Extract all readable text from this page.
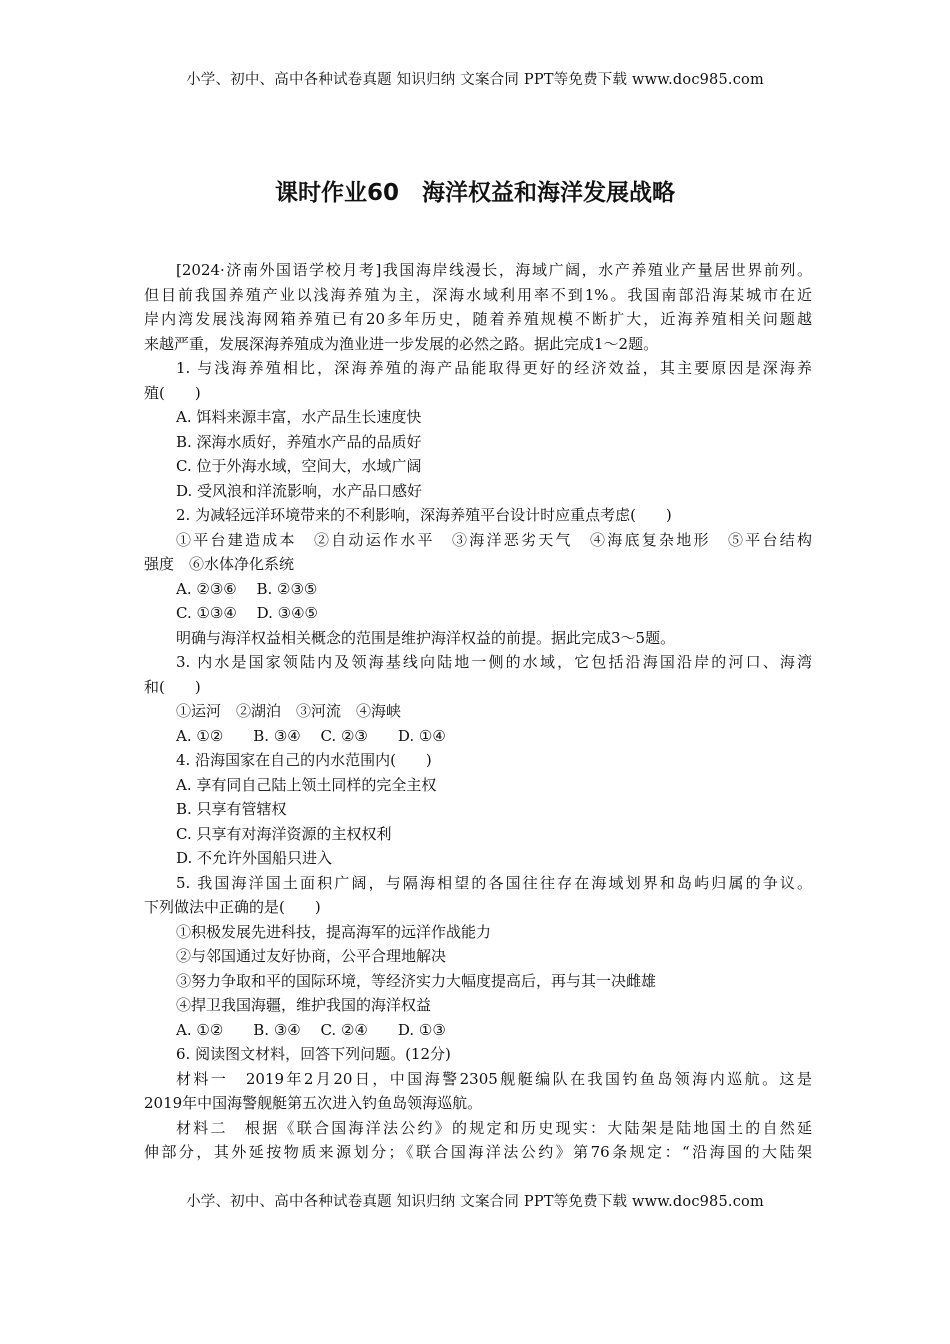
小学、初中、高中各种试卷真题 知识归纳 文案合同 PPT等免费下载 www.doc985.com
课时作业60　海洋权益和海洋发展战略
[2024·济南外国语学校月考]我国海岸线漫长，海域广阔，水产养殖业产量居世界前列。
但目前我国养殖产业以浅海养殖为主，深海水域利用率不到1%。我国南部沿海某城市在近
岸内湾发展浅海网箱养殖已有20多年历史，随着养殖规模不断扩大，近海养殖相关问题越
来越严重，发展深海养殖成为渔业进一步发展的必然之路。据此完成1～2题。
1. 与浅海养殖相比，深海养殖的海产品能取得更好的经济效益，其主要原因是深海养
殖(　　)
A. 饵料来源丰富，水产品生长速度快
B. 深海水质好，养殖水产品的品质好
C. 位于外海水域，空间大，水域广阔
D. 受风浪和洋流影响，水产品口感好
2. 为减轻远洋环境带来的不利影响，深海养殖平台设计时应重点考虑(　　)
①平台建造成本　②自动运作水平　③海洋恶劣天气　④海底复杂地形　⑤平台结构
强度　⑥水体净化系统
A. ②③⑥　 B. ②③⑤
C. ①③④　 D. ③④⑤
明确与海洋权益相关概念的范围是维护海洋权益的前提。据此完成3～5题。
3. 内水是国家领陆内及领海基线向陆地一侧的水域，它包括沿海国沿岸的河口、海湾
和(　　)
①运河　②湖泊　③河流　④海峡
A. ①②　　B. ③④　 C. ②③　　D. ①④
4. 沿海国家在自己的内水范围内(　　)
A. 享有同自己陆上领土同样的完全主权
B. 只享有管辖权
C. 只享有对海洋资源的主权权利
D. 不允许外国船只进入
5. 我国海洋国土面积广阔，与隔海相望的各国往往存在海域划界和岛屿归属的争议。
下列做法中正确的是(　　)
①积极发展先进科技，提高海军的远洋作战能力
②与邻国通过友好协商，公平合理地解决
③努力争取和平的国际环境，等经济实力大幅度提高后，再与其一决雌雄
④捍卫我国海疆，维护我国的海洋权益
A. ①②　　B. ③④　 C. ②④　　D. ①③
6. 阅读图文材料，回答下列问题。(12分)
材料一　2019年2月20日，中国海警2305舰艇编队在我国钓鱼岛领海内巡航。这是
2019年中国海警舰艇第五次进入钓鱼岛领海巡航。
材料二　根据《联合国海洋法公约》的规定和历史现实：大陆架是陆地国土的自然延
伸部分，其外延按物质来源划分；《联合国海洋法公约》第76条规定：“沿海国的大陆架
小学、初中、高中各种试卷真题 知识归纳 文案合同 PPT等免费下载 www.doc985.com
